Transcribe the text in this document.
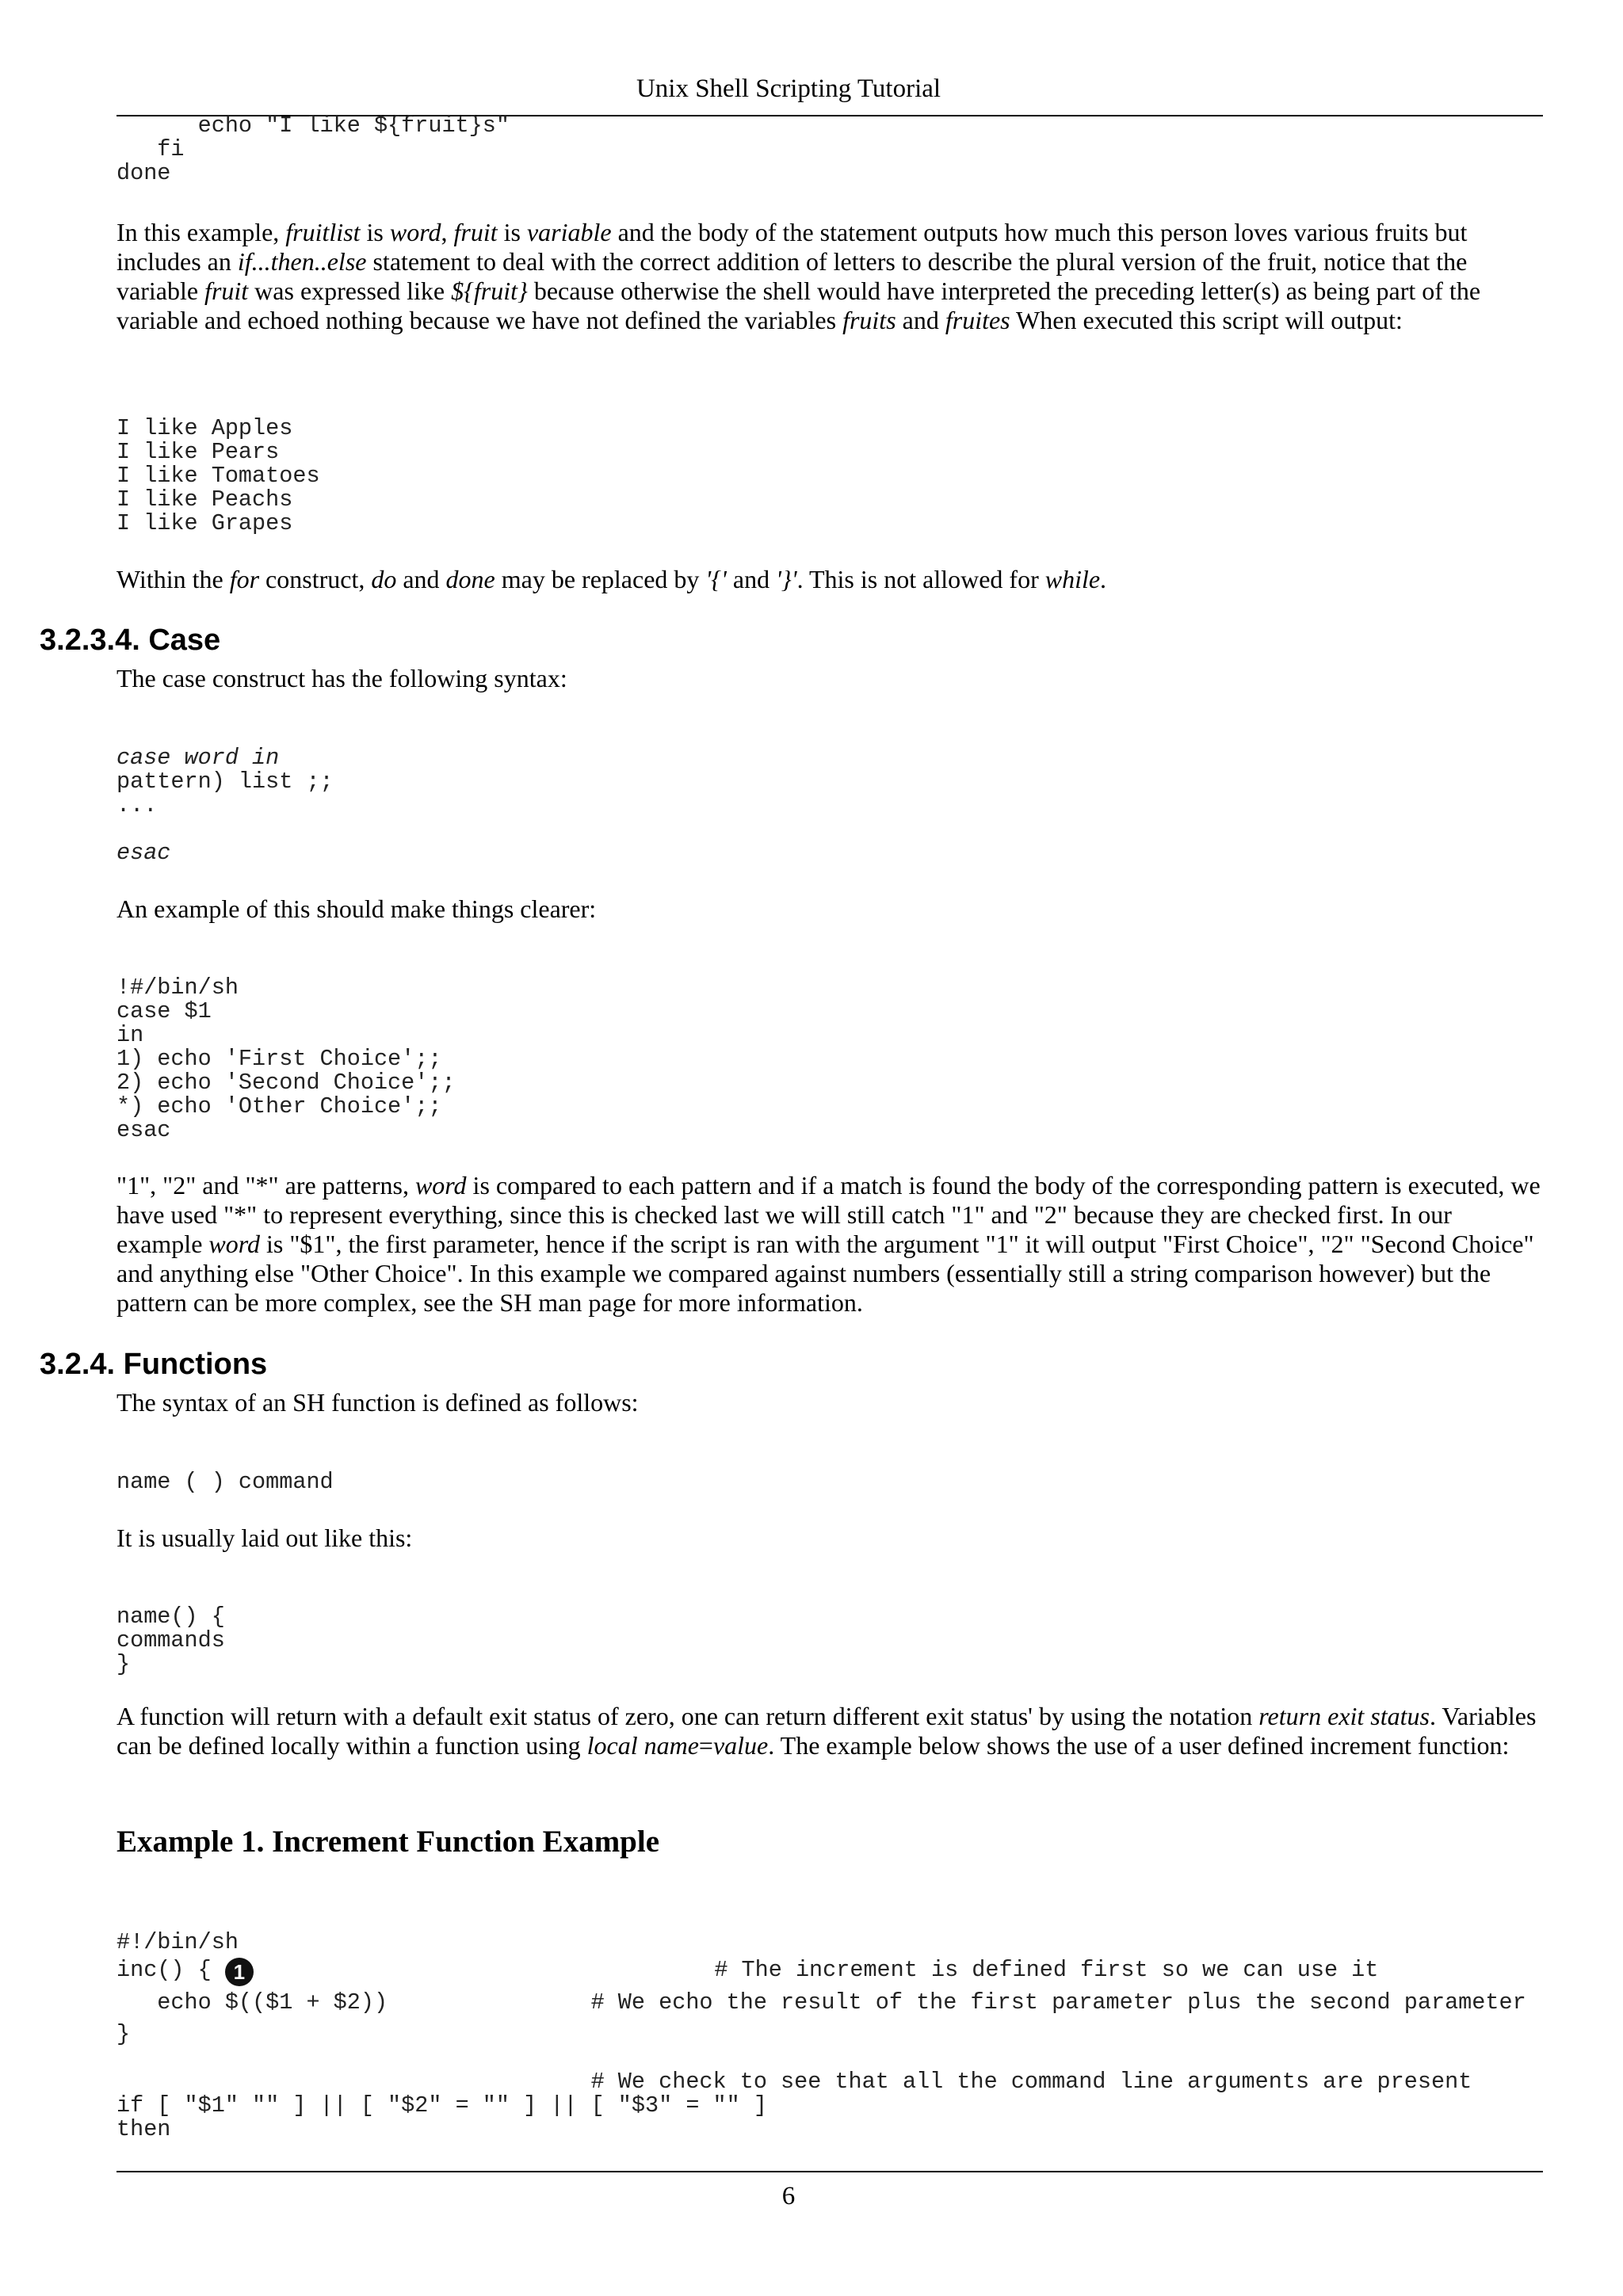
Unix Shell Scripting Tutorial
echo "I like ${fruit}s"
fi
done

In this example, fruitlist is word, fruit is variable and the body of the statement outputs how much this person loves various fruits but includes an if...then..else statement to deal with the correct addition of letters to describe the plural version of the fruit, notice that the variable fruit was expressed like ${fruit} because otherwise the shell would have interpreted the preceding letter(s) as being part of the variable and echoed nothing because we have not defined the variables fruits and fruites When executed this script will output:

I like Apples
I like Pears
I like Tomatoes
I like Peachs
I like Grapes

Within the for construct, do and done may be replaced by '{' and '}'. This is not allowed for while.

3.2.3.4. Case

The case construct has the following syntax:

case word in
pattern) list ;;
...

esac

An example of this should make things clearer:

!#/bin/sh
case $1
in
1) echo 'First Choice';;
2) echo 'Second Choice';;
*) echo 'Other Choice';;
esac

"1", "2" and "*" are patterns, word is compared to each pattern and if a match is found the body of the corresponding pattern is executed, we have used "*" to represent everything, since this is checked last we will still catch "1" and "2" because they are checked first. In our example word is "$1", the first parameter, hence if the script is ran with the argument "1" it will output "First Choice", "2" "Second Choice" and anything else "Other Choice". In this example we compared against numbers (essentially still a string comparison however) but the pattern can be more complex, see the SH man page for more information.

3.2.4. Functions

The syntax of an SH function is defined as follows:

name ( ) command

It is usually laid out like this:

name() {
commands
}

A function will return with a default exit status of zero, one can return different exit status' by using the notation return exit status. Variables can be defined locally within a function using local name=value. The example below shows the use of a user defined increment function:

Example 1. Increment Function Example
#!/bin/sh
inc() { 1                                  # The increment is defined first so we can use it
echo $(($1 + $2))               # We echo the result of the first parameter plus the second parameter
}

# We check to see that all the command line arguments are present
if [ "$1" "" ] || [ "$2" = "" ] || [ "$3" = "" ]
then
6
